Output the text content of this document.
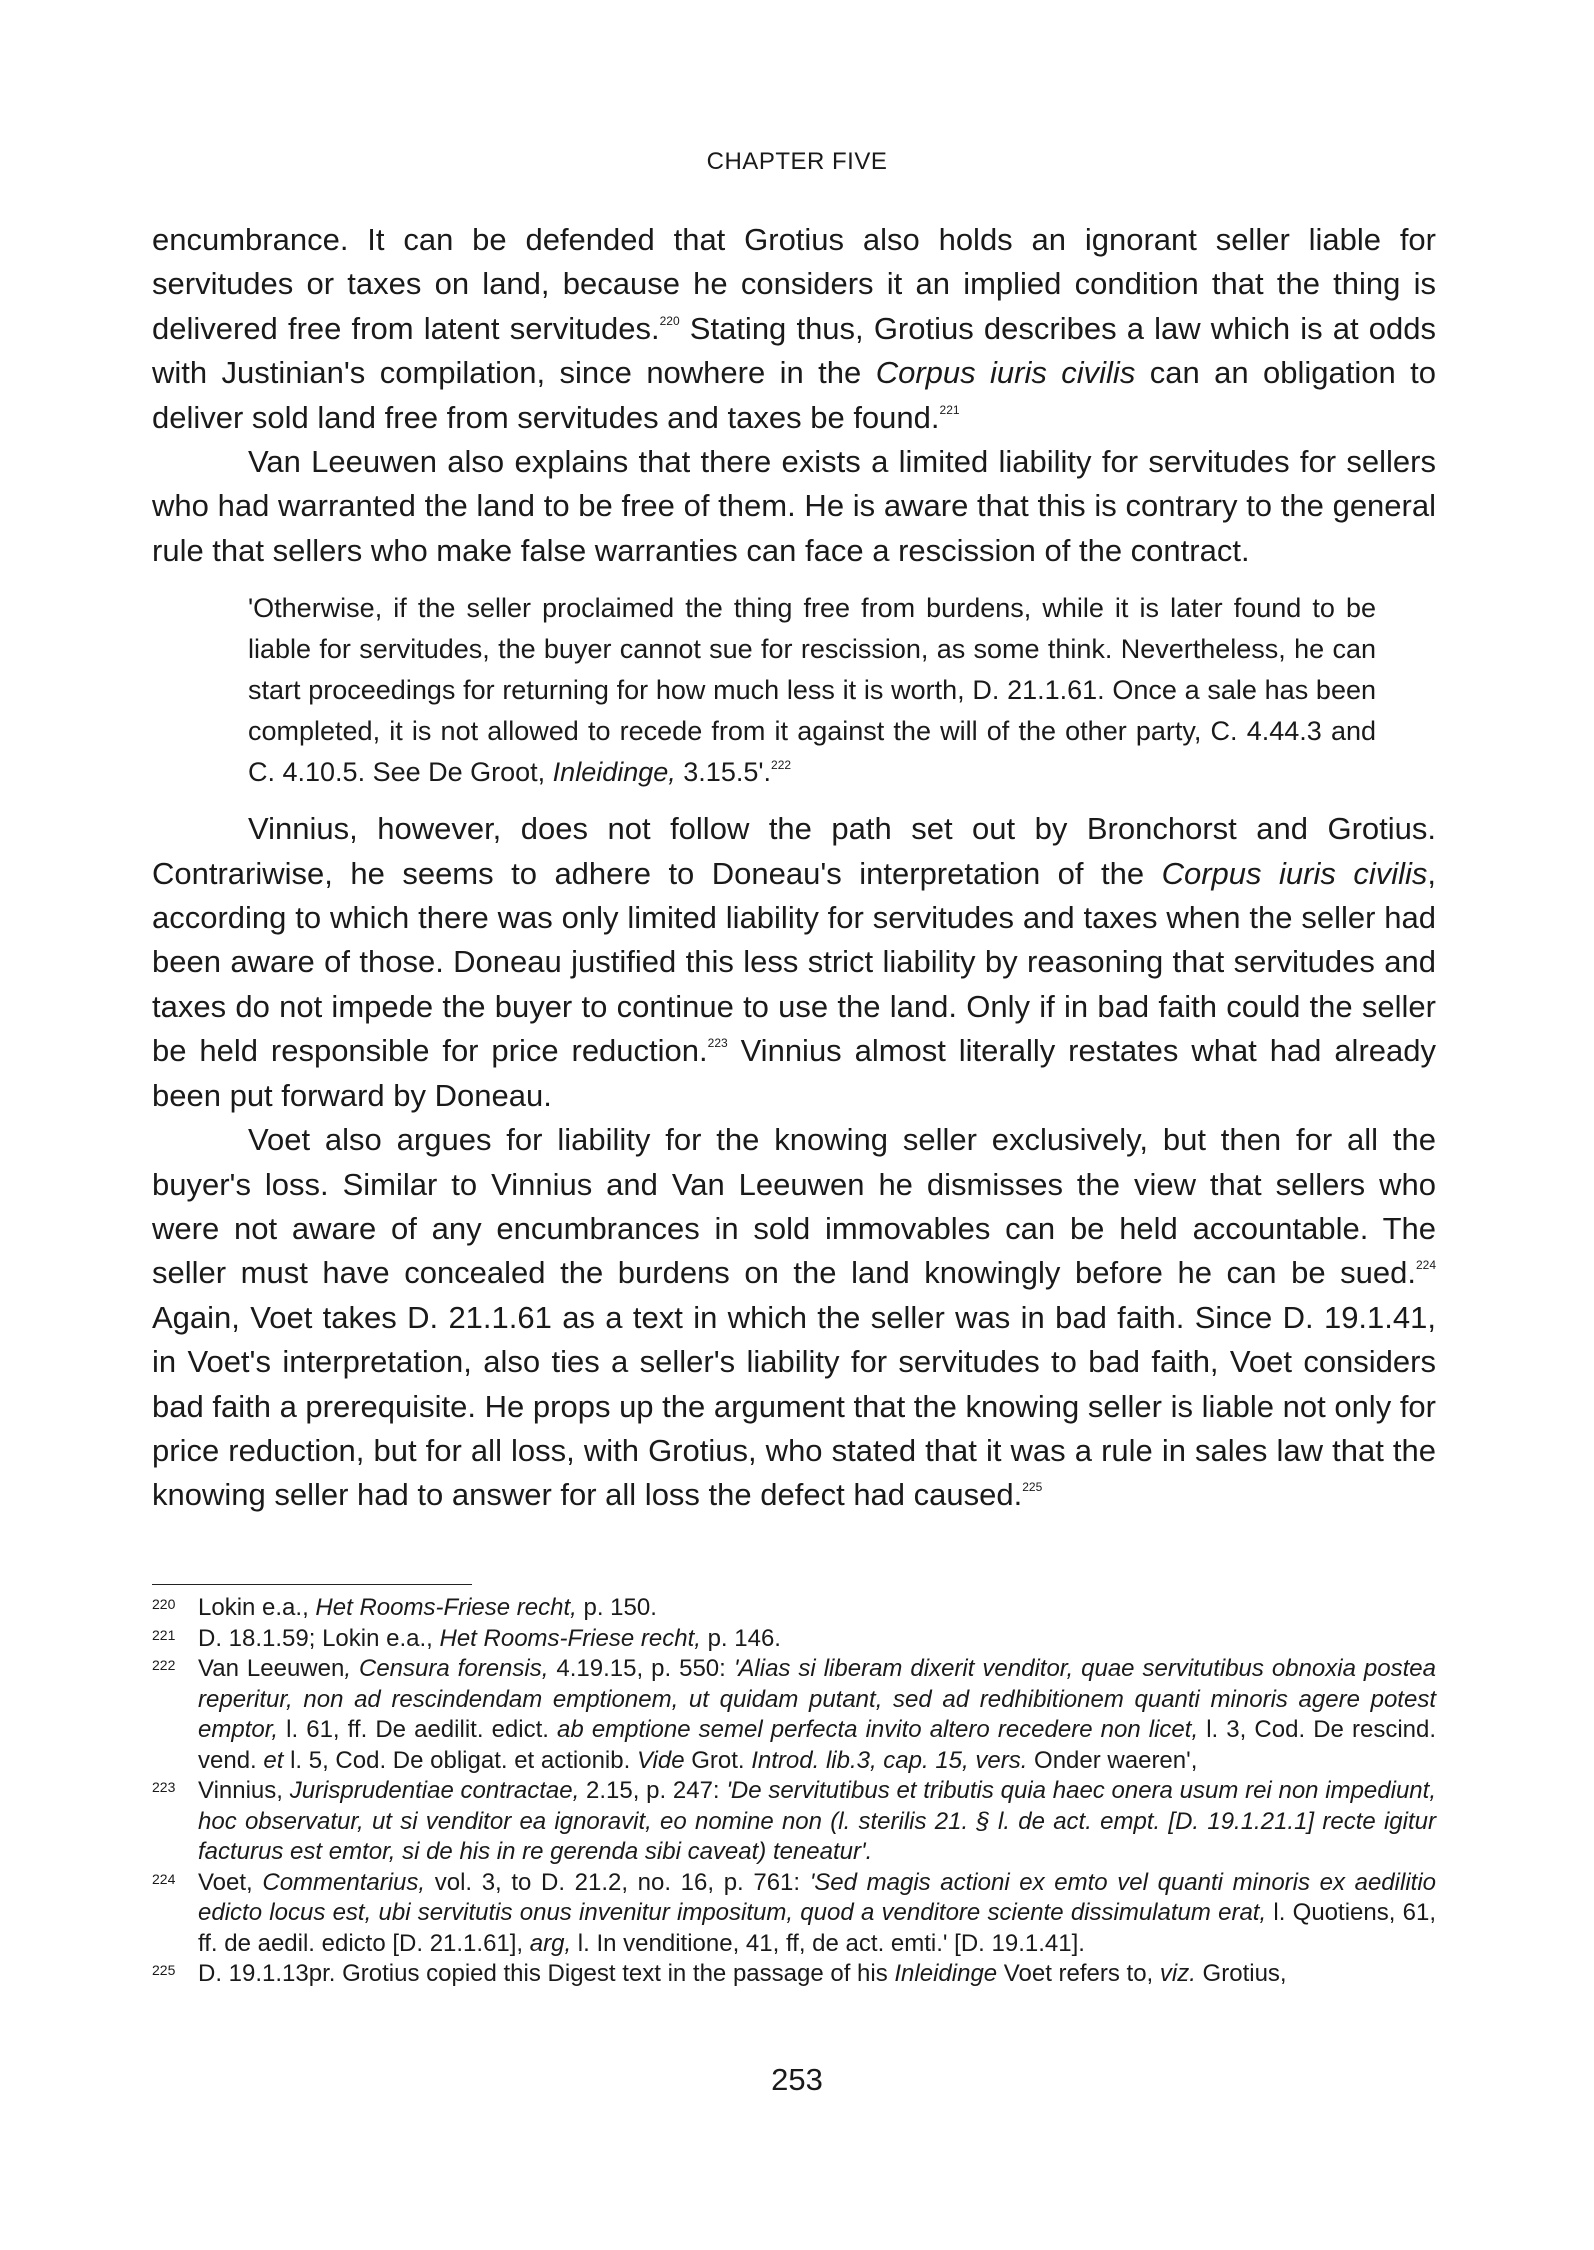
CHAPTER FIVE

encumbrance. It can be defended that Grotius also holds an ignorant seller liable for servitudes or taxes on land, because he considers it an implied condition that the thing is delivered free from latent servitudes.$^{220}$ Stating thus, Grotius describes a law which is at odds with Justinian's compilation, since nowhere in the Corpus iuris civilis can an obligation to deliver sold land free from servitudes and taxes be found.$^{221}$

Van Leeuwen also explains that there exists a limited liability for servitudes for sellers who had warranted the land to be free of them. He is aware that this is contrary to the general rule that sellers who make false warranties can face a rescission of the contract.

'Otherwise, if the seller proclaimed the thing free from burdens, while it is later found to be liable for servitudes, the buyer cannot sue for rescission, as some think. Nevertheless, he can start proceedings for returning for how much less it is worth, D. 21.1.61. Once a sale has been completed, it is not allowed to recede from it against the will of the other party, C. 4.44.3 and C. 4.10.5. See De Groot, Inleidinge, 3.15.5'.$^{222}$

Vinnius, however, does not follow the path set out by Bronchorst and Grotius. Contrariwise, he seems to adhere to Doneau's interpretation of the Corpus iuris civilis, according to which there was only limited liability for servitudes and taxes when the seller had been aware of those. Doneau justified this less strict liability by reasoning that servitudes and taxes do not impede the buyer to continue to use the land. Only if in bad faith could the seller be held responsible for price reduction.$^{223}$ Vinnius almost literally restates what had already been put forward by Doneau.

Voet also argues for liability for the knowing seller exclusively, but then for all the buyer's loss. Similar to Vinnius and Van Leeuwen he dismisses the view that sellers who were not aware of any encumbrances in sold immovables can be held accountable. The seller must have concealed the burdens on the land knowingly before he can be sued.$^{224}$ Again, Voet takes D. 21.1.61 as a text in which the seller was in bad faith. Since D. 19.1.41, in Voet's interpretation, also ties a seller's liability for servitudes to bad faith, Voet considers bad faith a prerequisite. He props up the argument that the knowing seller is liable not only for price reduction, but for all loss, with Grotius, who stated that it was a rule in sales law that the knowing seller had to answer for all loss the defect had caused.$^{225}$

220 Lokin e.a., Het Rooms-Friese recht, p. 150.
221 D. 18.1.59; Lokin e.a., Het Rooms-Friese recht, p. 146.
222 Van Leeuwen, Censura forensis, 4.19.15, p. 550: 'Alias si liberam dixerit venditor, quae servitutibus obnoxia postea reperitur, non ad rescindendam emptionem, ut quidam putant, sed ad redhibitionem quanti minoris agere potest emptor, l. 61, ff. De aedilit. edict. ab emptione semel perfecta invito altero recedere non licet, l. 3, Cod. De rescind. vend. et l. 5, Cod. De obligat. et actionib. Vide Grot. Introd. lib.3, cap. 15, vers. Onder waeren',
223 Vinnius, Jurisprudentiae contractae, 2.15, p. 247: 'De servitutibus et tributis quia haec onera usum rei non impediunt, hoc observatur, ut si venditor ea ignoravit, eo nomine non (l. sterilis 21. § l. de act. empt. [D. 19.1.21.1] recte igitur facturus est emtor, si de his in re gerenda sibi caveat) teneatur'.
224 Voet, Commentarius, vol. 3, to D. 21.2, no. 16, p. 761: 'Sed magis actioni ex emto vel quanti minoris ex aedilitio edicto locus est, ubi servitutis onus invenitur impositum, quod a venditore sciente dissimulatum erat, l. Quotiens, 61, ff. de aedil. edicto [D. 21.1.61], arg, l. In venditione, 41, ff, de act. emti.' [D. 19.1.41].
225 D. 19.1.13pr. Grotius copied this Digest text in the passage of his Inleidinge Voet refers to, viz. Grotius,
253
